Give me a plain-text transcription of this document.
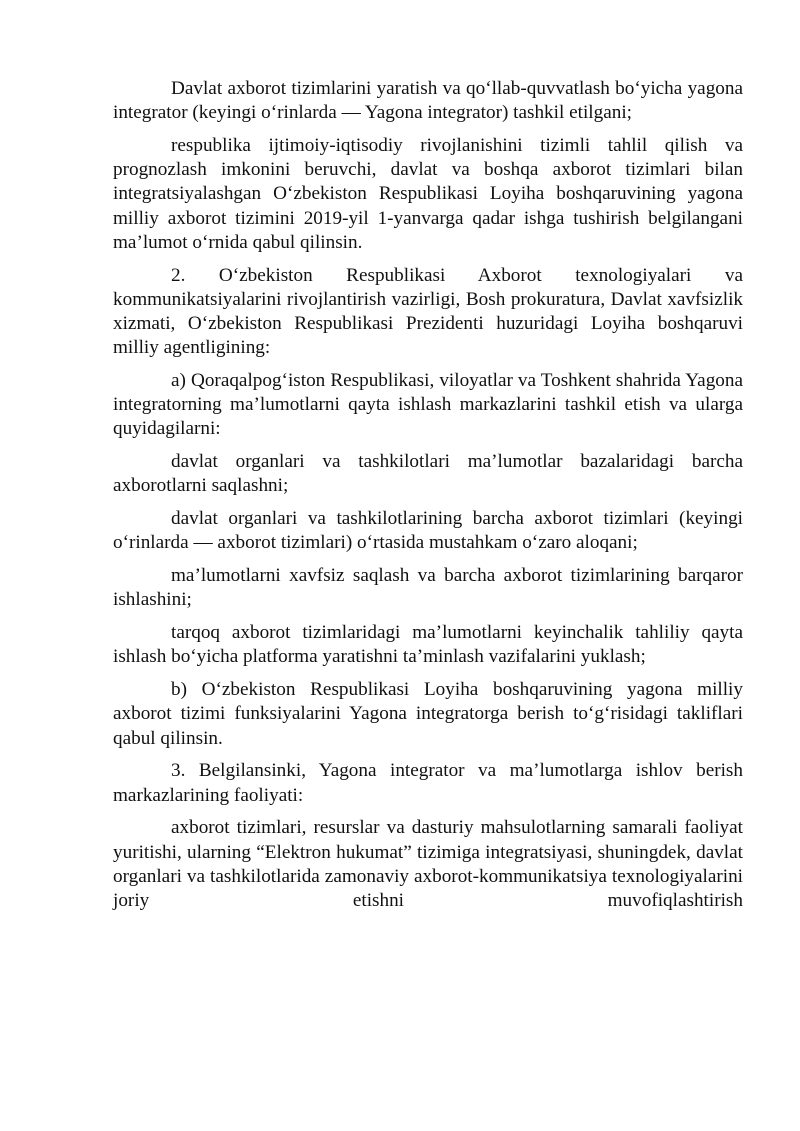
Davlat axborot tizimlarini yaratish va qo‘llab-quvvatlash bo‘yicha yagona integrator (keyingi o‘rinlarda — Yagona integrator) tashkil etilgani;

respublika ijtimoiy-iqtisodiy rivojlanishini tizimli tahlil qilish va prognozlash imkonini beruvchi, davlat va boshqa axborot tizimlari bilan integratsiyalashgan O‘zbekiston Respublikasi Loyiha boshqaruvining yagona milliy axborot tizimini 2019-yil 1-yanvarga qadar ishga tushirish belgilangani ma’lumot o‘rnida qabul qilinsin.

2. O‘zbekiston Respublikasi Axborot texnologiyalari va kommunikatsiyalarini rivojlantirish vazirligi, Bosh prokuratura, Davlat xavfsizlik xizmati, O‘zbekiston Respublikasi Prezidenti huzuridagi Loyiha boshqaruvi milliy agentligining:

a) Qoraqalpog‘iston Respublikasi, viloyatlar va Toshkent shahrida Yagona integratorning ma’lumotlarni qayta ishlash markazlarini tashkil etish va ularga quyidagilarni:

davlat organlari va tashkilotlari ma’lumotlar bazalaridagi barcha axborotlarni saqlashni;

davlat organlari va tashkilotlarining barcha axborot tizimlari (keyingi o‘rinlarda — axborot tizimlari) o‘rtasida mustahkam o‘zaro aloqani;

ma’lumotlarni xavfsiz saqlash va barcha axborot tizimlarining barqaror ishlashini;

tarqoq axborot tizimlaridagi ma’lumotlarni keyinchalik tahliliy qayta ishlash bo‘yicha platforma yaratishni ta’minlash vazifalarini yuklash;

b) O‘zbekiston Respublikasi Loyiha boshqaruvining yagona milliy axborot tizimi funksiyalarini Yagona integratorga berish to‘g‘risidagi takliflari qabul qilinsin.

3. Belgilansinki, Yagona integrator va ma’lumotlarga ishlov berish markazlarining faoliyati:

axborot tizimlari, resurslar va dasturiy mahsulotlarning samarali faoliyat yuritishi, ularning “Elektron hukumat” tizimiga integratsiyasi, shuningdek, davlat organlari va tashkilotlarida zamonaviy axborot-kommunikatsiya texnologiyalarini joriy etishni muvofiqlashtirish
